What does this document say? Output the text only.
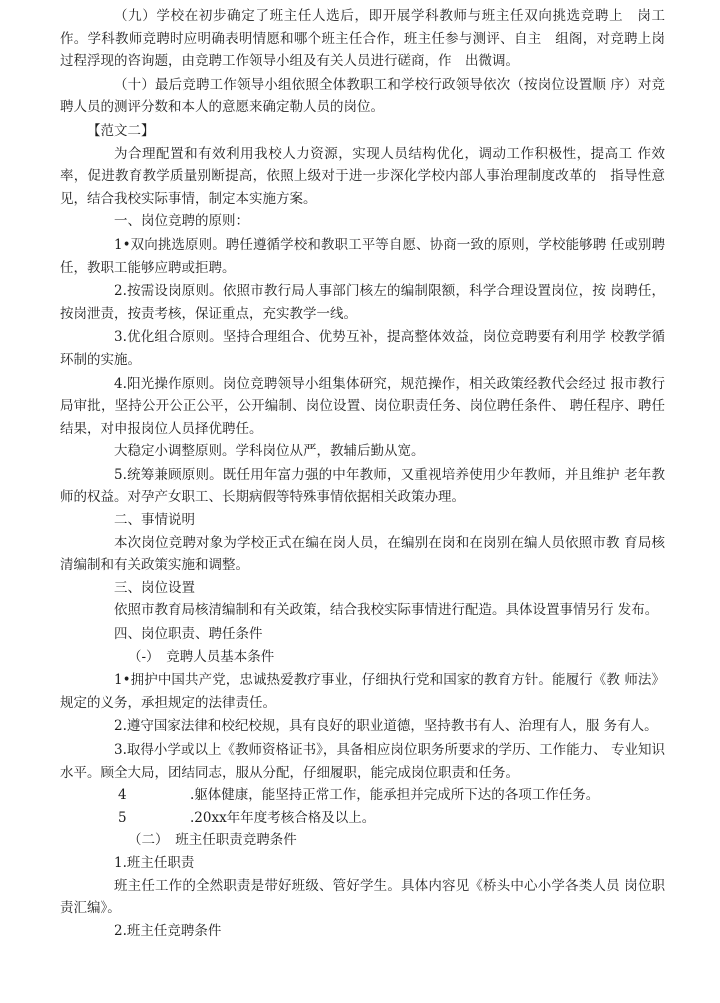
（九）学校在初步确定了班主任人选后，即开展学科教师与班主任双向挑选竞聘上　岗工作。学科教师竞聘时应明确表明情愿和哪个班主任合作，班主任参与测评、自主　组阁，对竞聘上岗过程浮现的咨询题，由竞聘工作领导小组及有关人员进行磋商，作　出微调。

（十）最后竞聘工作领导小组依照全体教职工和学校行政领导依次（按岗位设置顺 序）对竞聘人员的测评分数和本人的意愿来确定勒人员的岗位。

【范文二】

为合理配置和有效利用我校人力资源，实现人员结构优化，调动工作积极性，提高工 作效率，促进教育教学质量别断提高，依照上级对于进一步深化学校内部人事治理制度改革的　指导性意见，结合我校实际事情，制定本实施方案。

一、岗位竞聘的原则：

1•双向挑选原则。聘任遵循学校和教职工平等自愿、协商一致的原则，学校能够聘 任或别聘任，教职工能够应聘或拒聘。

2.按需设岗原则。依照市教行局人事部门核左的编制限额，科学合理设置岗位，按 岗聘任，按岗泄责，按责考核，保证重点，充实教学一线。

3.优化组合原则。坚持合理组合、优势互补，提高整体效益，岗位竞聘要有利用学 校教学循环制的实施。

4.阳光操作原则。岗位竞聘领导小组集体研究，规范操作，相关政策经教代会经过 报市教行局审批，坚持公开公正公平，公开编制、岗位设置、岗位职责任务、岗位聘任条件、 聘任程序、聘任结果，对申报岗位人员择优聘任。

大稳定小调整原则。学科岗位从严，教辅后勤从宽。

5.统筹兼顾原则。既任用年富力强的中年教师，又重视培养使用少年教师，并且维护 老年教师的权益。对孕产女职工、长期病假等特殊事情依据相关政策办理。

二、事情说明

本次岗位竞聘对象为学校正式在编在岗人员，在编别在岗和在岗别在编人员依照市教 育局核清编制和有关政策实施和调整。

三、岗位设置

依照市教育局核清编制和有关政策，结合我校实际事情进行配造。具体设置事情另行 发布。

四、岗位职责、聘任条件

（-）　竞聘人员基本条件

1•拥护中国共产党，忠诚热爱教疗事业，仔细执行党和国家的教育方针。能履行《教 师法》规定的义务，承担规定的法律责任。

2.遵守国家法律和校纪校规，具有良好的职业道德，坚持教书有人、治理有人，服 务有人。

3.取得小学或以上《教师资格证书》，具备相应岗位职务所要求的学历、工作能力、 专业知识水平。顾全大局，团结同志，服从分配，仔细履职，能完成岗位职责和任务。

4	.躯体健康，能坚持正常工作，能承担并完成所下达的各项工作任务。
5	.20xx年年度考核合格及以上。

（二）　班主任职责竞聘条件

1.班主任职责

班主任工作的全然职责是带好班级、管好学生。具体内容见《桥头中心小学各类人员 岗位职责汇编》。

2.班主任竞聘条件
